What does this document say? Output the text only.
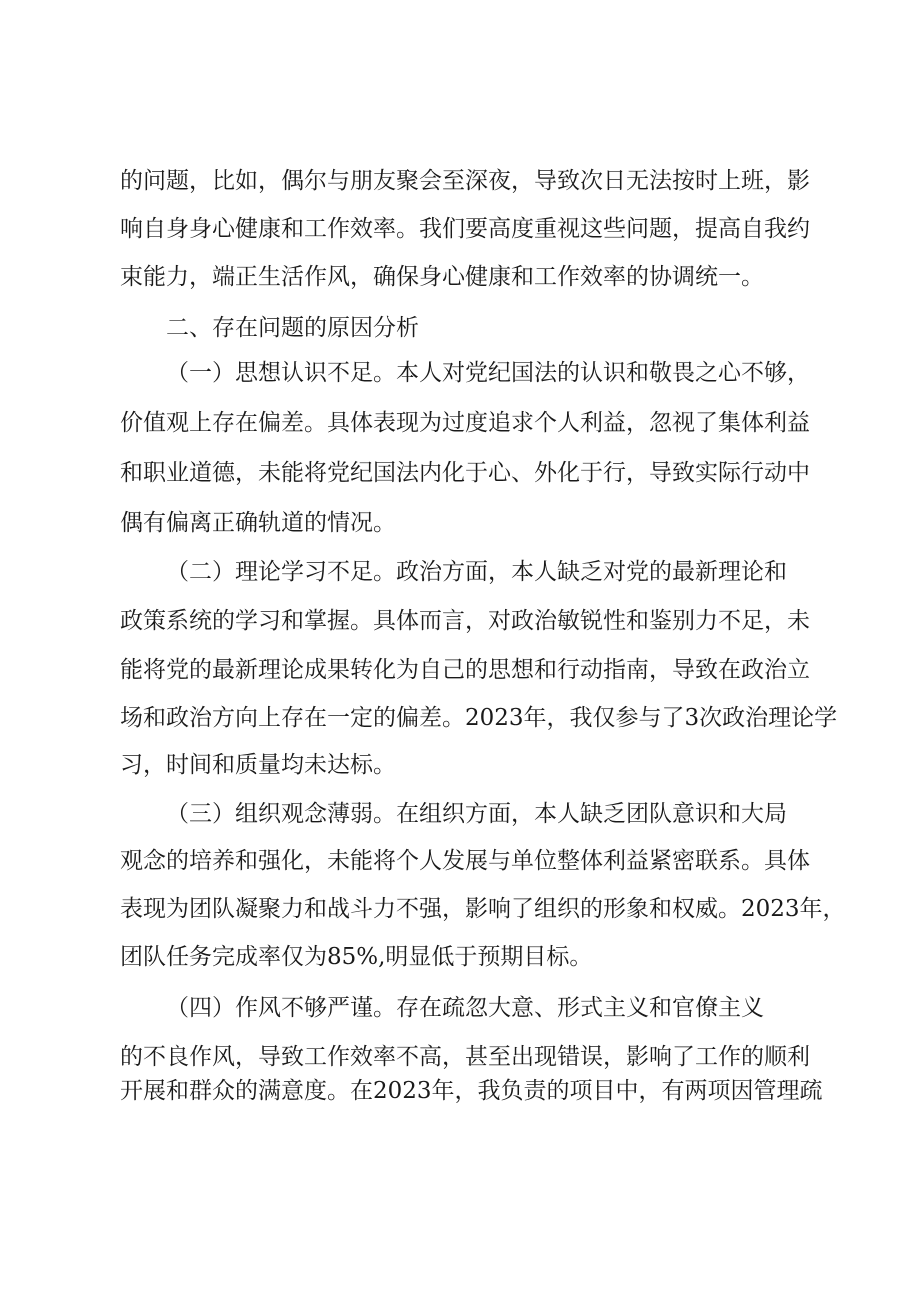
的问题，比如，偶尔与朋友聚会至深夜，导致次日无法按时上班，影
响自身身心健康和工作效率。我们要高度重视这些问题，提高自我约
束能力，端正生活作风，确保身心健康和工作效率的协调统一。
二、存在问题的原因分析
（一）思想认识不足。本人对党纪国法的认识和敬畏之心不够，
价值观上存在偏差。具体表现为过度追求个人利益，忽视了集体利益
和职业道德，未能将党纪国法内化于心、外化于行，导致实际行动中
偶有偏离正确轨道的情况。
（二）理论学习不足。政治方面，本人缺乏对党的最新理论和
政策系统的学习和掌握。具体而言，对政治敏锐性和鉴别力不足，未
能将党的最新理论成果转化为自己的思想和行动指南，导致在政治立
场和政治方向上存在一定的偏差。2023年，我仅参与了3次政治理论学
习，时间和质量均未达标。
（三）组织观念薄弱。在组织方面，本人缺乏团队意识和大局
观念的培养和强化，未能将个人发展与单位整体利益紧密联系。具体
表现为团队凝聚力和战斗力不强，影响了组织的形象和权威。2023年，
团队任务完成率仅为85%,明显低于预期目标。
（四）作风不够严谨。存在疏忽大意、形式主义和官僚主义
的不良作风，导致工作效率不高，甚至出现错误，影响了工作的顺利
开展和群众的满意度。在2023年，我负责的项目中，有两项因管理疏
